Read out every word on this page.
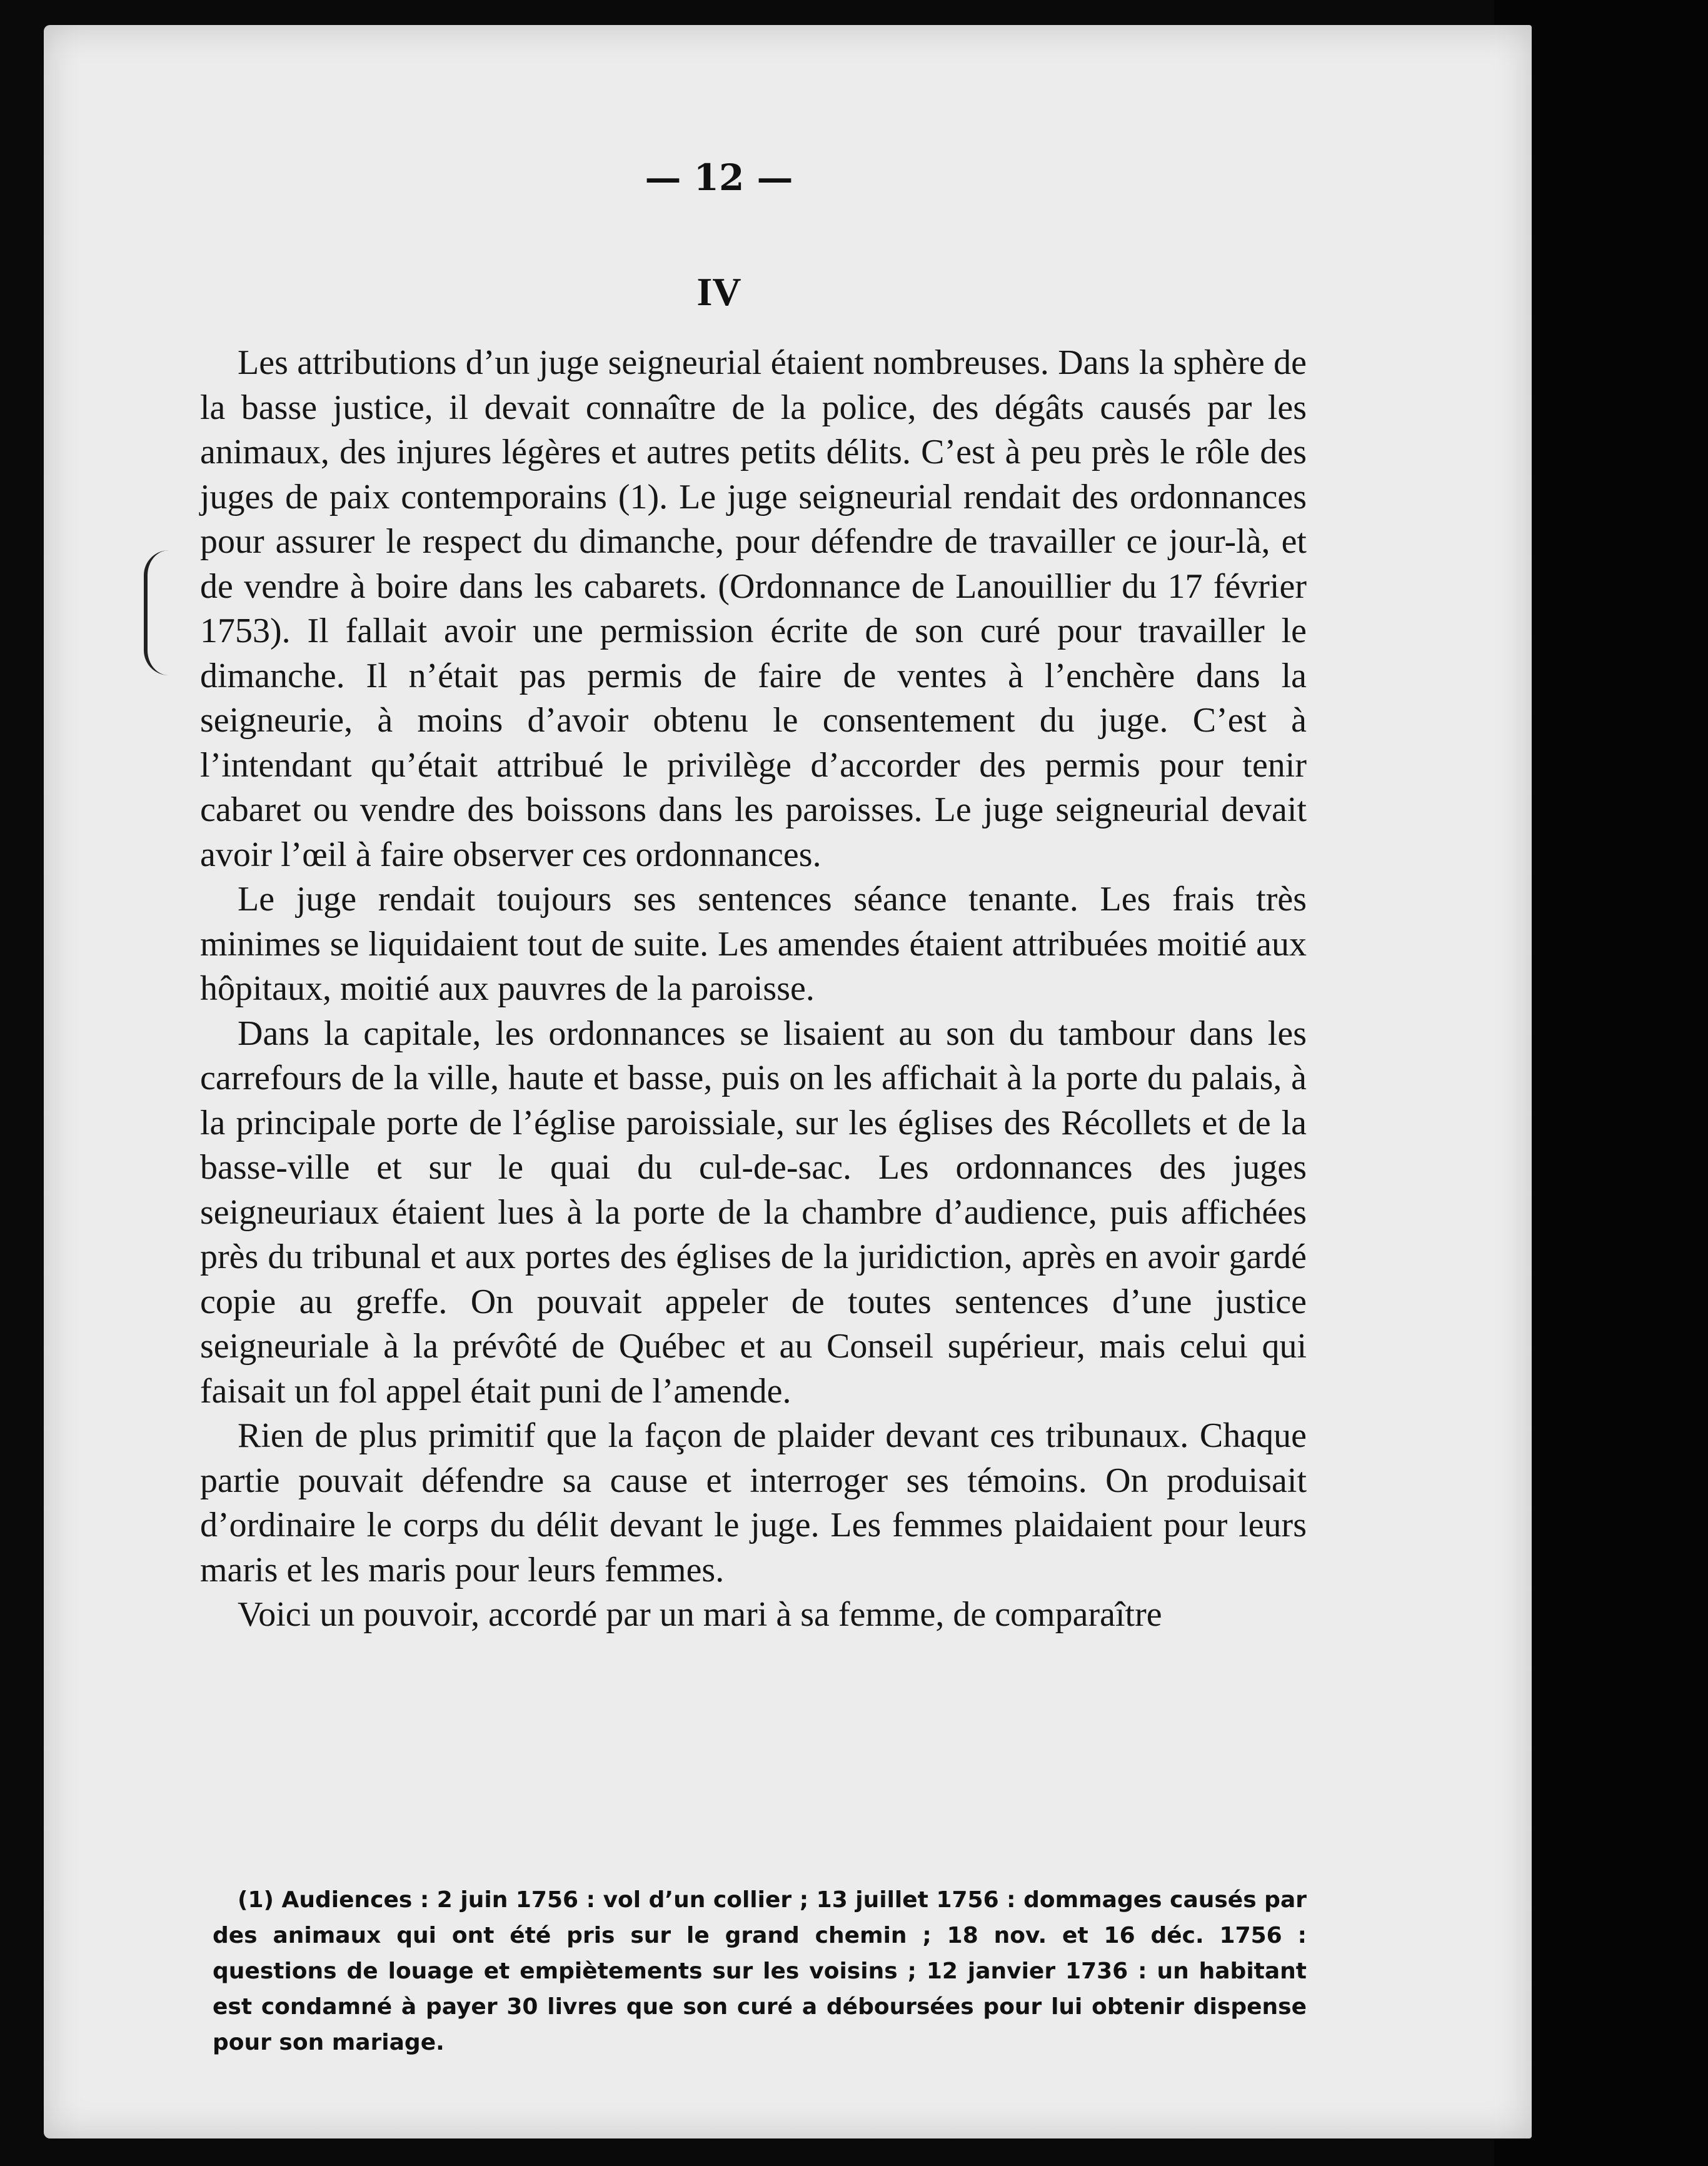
— 12 —
IV

Les attributions d’un juge seigneurial étaient nombreuses. Dans la sphère de la basse justice, il devait connaître de la police, des dégâts causés par les animaux, des injures légères et autres petits délits. C’est à peu près le rôle des juges de paix contemporains (1). Le juge seigneurial rendait des ordonnances pour assurer le respect du dimanche, pour défendre de travailler ce jour-là, et de vendre à boire dans les cabarets. (Ordonnance de Lanouillier du 17 février 1753). Il fallait avoir une permission écrite de son curé pour travailler le dimanche. Il n’était pas permis de faire de ventes à l’enchère dans la seigneurie, à moins d’avoir obtenu le consentement du juge. C’est à l’intendant qu’était attribué le privilège d’accorder des permis pour tenir cabaret ou vendre des boissons dans les paroisses. Le juge seigneurial devait avoir l’œil à faire observer ces ordonnances.

Le juge rendait toujours ses sentences séance tenante. Les frais très minimes se liquidaient tout de suite. Les amendes étaient attribuées moitié aux hôpitaux, moitié aux pauvres de la paroisse.

Dans la capitale, les ordonnances se lisaient au son du tambour dans les carrefours de la ville, haute et basse, puis on les affichait à la porte du palais, à la principale porte de l’église paroissiale, sur les églises des Récollets et de la basse-ville et sur le quai du cul-de-sac. Les ordonnances des juges seigneuriaux étaient lues à la porte de la chambre d’audience, puis affichées près du tribunal et aux portes des églises de la juridiction, après en avoir gardé copie au greffe. On pouvait appeler de toutes sentences d’une justice seigneuriale à la prévôté de Québec et au Conseil supérieur, mais celui qui faisait un fol appel était puni de l’amende.

Rien de plus primitif que la façon de plaider devant ces tribunaux. Chaque partie pouvait défendre sa cause et interroger ses témoins. On produisait d’ordinaire le corps du délit devant le juge. Les femmes plaidaient pour leurs maris et les maris pour leurs femmes.

Voici un pouvoir, accordé par un mari à sa femme, de comparaître

(1) Audiences : 2 juin 1756 : vol d’un collier ; 13 juillet 1756 : dommages causés par des animaux qui ont été pris sur le grand chemin ; 18 nov. et 16 déc. 1756 : questions de louage et empiètements sur les voisins ; 12 janvier 1736 : un habitant est condamné à payer 30 livres que son curé a déboursées pour lui obtenir dispense pour son mariage.
